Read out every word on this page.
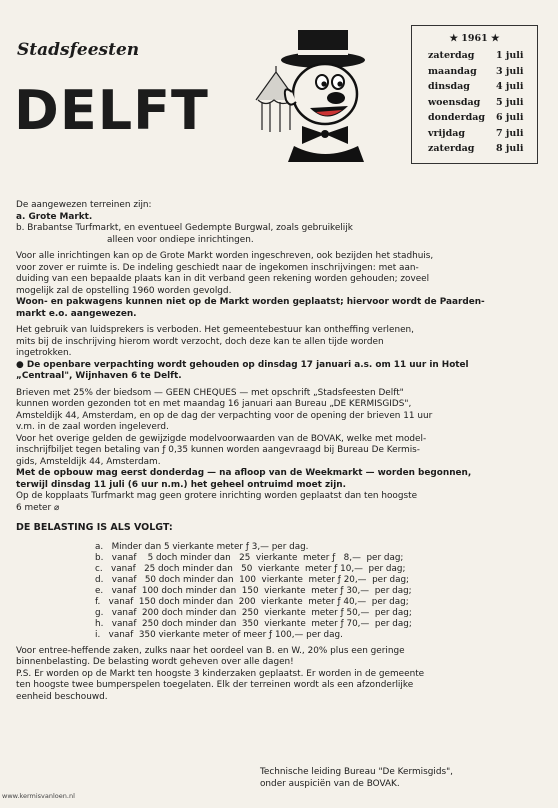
Stadsfeesten
DELFT
★ 1961 ★
zaterdag	1 juli
maandag	3 juli
dinsdag	4 juli
woensdag	5 juli
donderdag	6 juli
vrijdag	7 juli
zaterdag	8 juli

De aangewezen terreinen zijn:

a. Grote Markt.

b. Brabantse Turfmarkt, en eventueel Gedempte Burgwal, zoals gebruikelijk

alleen voor ondiepe inrichtingen.

Voor alle inrichtingen kan op de Grote Markt worden ingeschreven, ook bezijden het stadhuis,

voor zover er ruimte is. De indeling geschiedt naar de ingekomen inschrijvingen: met aan-

duiding van een bepaalde plaats kan in dit verband geen rekening worden gehouden; zoveel

mogelijk zal de opstelling 1960 worden gevolgd.

Woon- en pakwagens kunnen niet op de Markt worden geplaatst; hiervoor wordt de Paarden-

markt e.o. aangewezen.

Het gebruik van luidsprekers is verboden. Het gemeentebestuur kan ontheffing verlenen,

mits bij de inschrijving hierom wordt verzocht, doch deze kan te allen tijde worden

ingetrokken.

● De openbare verpachting wordt gehouden op dinsdag 17 januari a.s. om 11 uur in Hotel

„Centraal", Wijnhaven 6 te Delft.

Brieven met 25% der biedsom — GEEN CHEQUES — met opschrift „Stadsfeesten Delft"

kunnen worden gezonden tot en met maandag 16 januari aan Bureau „DE KERMISGIDS",

Amsteldijk 44, Amsterdam, en op de dag der verpachting voor de opening der brieven 11 uur

v.m. in de zaal worden ingeleverd.

Voor het overige gelden de gewijzigde modelvoorwaarden van de BOVAK, welke met model-

inschrijfbiljet tegen betaling van ƒ 0,35 kunnen worden aangevraagd bij Bureau De Kermis-

gids, Amsteldijk 44, Amsterdam.

Met de opbouw mag eerst donderdag — na afloop van de Weekmarkt — worden begonnen,

terwijl dinsdag 11 juli (6 uur n.m.) het geheel ontruimd moet zijn.

Op de kopplaats Turfmarkt mag geen grotere inrichting worden geplaatst dan ten hoogste

6 meter ⌀

DE BELASTING IS ALS VOLGT:

a.   Minder dan 5 vierkante meter ƒ 3,— per dag.
b.   vanaf    5 doch minder dan   25  vierkante  meter ƒ   8,—  per dag;
c.   vanaf   25 doch minder dan   50  vierkante  meter ƒ 10,—  per dag;
d.   vanaf   50 doch minder dan  100  vierkante  meter ƒ 20,—  per dag;
e.   vanaf  100 doch minder dan  150  vierkante  meter ƒ 30,—  per dag;
f.   vanaf  150 doch minder dan  200  vierkante  meter ƒ 40,—  per dag;
g.   vanaf  200 doch minder dan  250  vierkante  meter ƒ 50,—  per dag;
h.   vanaf  250 doch minder dan  350  vierkante  meter ƒ 70,—  per dag;
i.   vanaf  350 vierkante meter of meer ƒ 100,— per dag.

Voor entree-heffende zaken, zulks naar het oordeel van B. en W., 20% plus een geringe

binnenbelasting. De belasting wordt geheven over alle dagen!

P.S. Er worden op de Markt ten hoogste 3 kinderzaken geplaatst. Er worden in de gemeente

ten hoogste twee bumperspelen toegelaten. Elk der terreinen wordt als een afzonderlijke

eenheid beschouwd.

Technische leiding Bureau "De Kermisgids",
onder auspiciën van de BOVAK.
www.kermisvanloen.nl
